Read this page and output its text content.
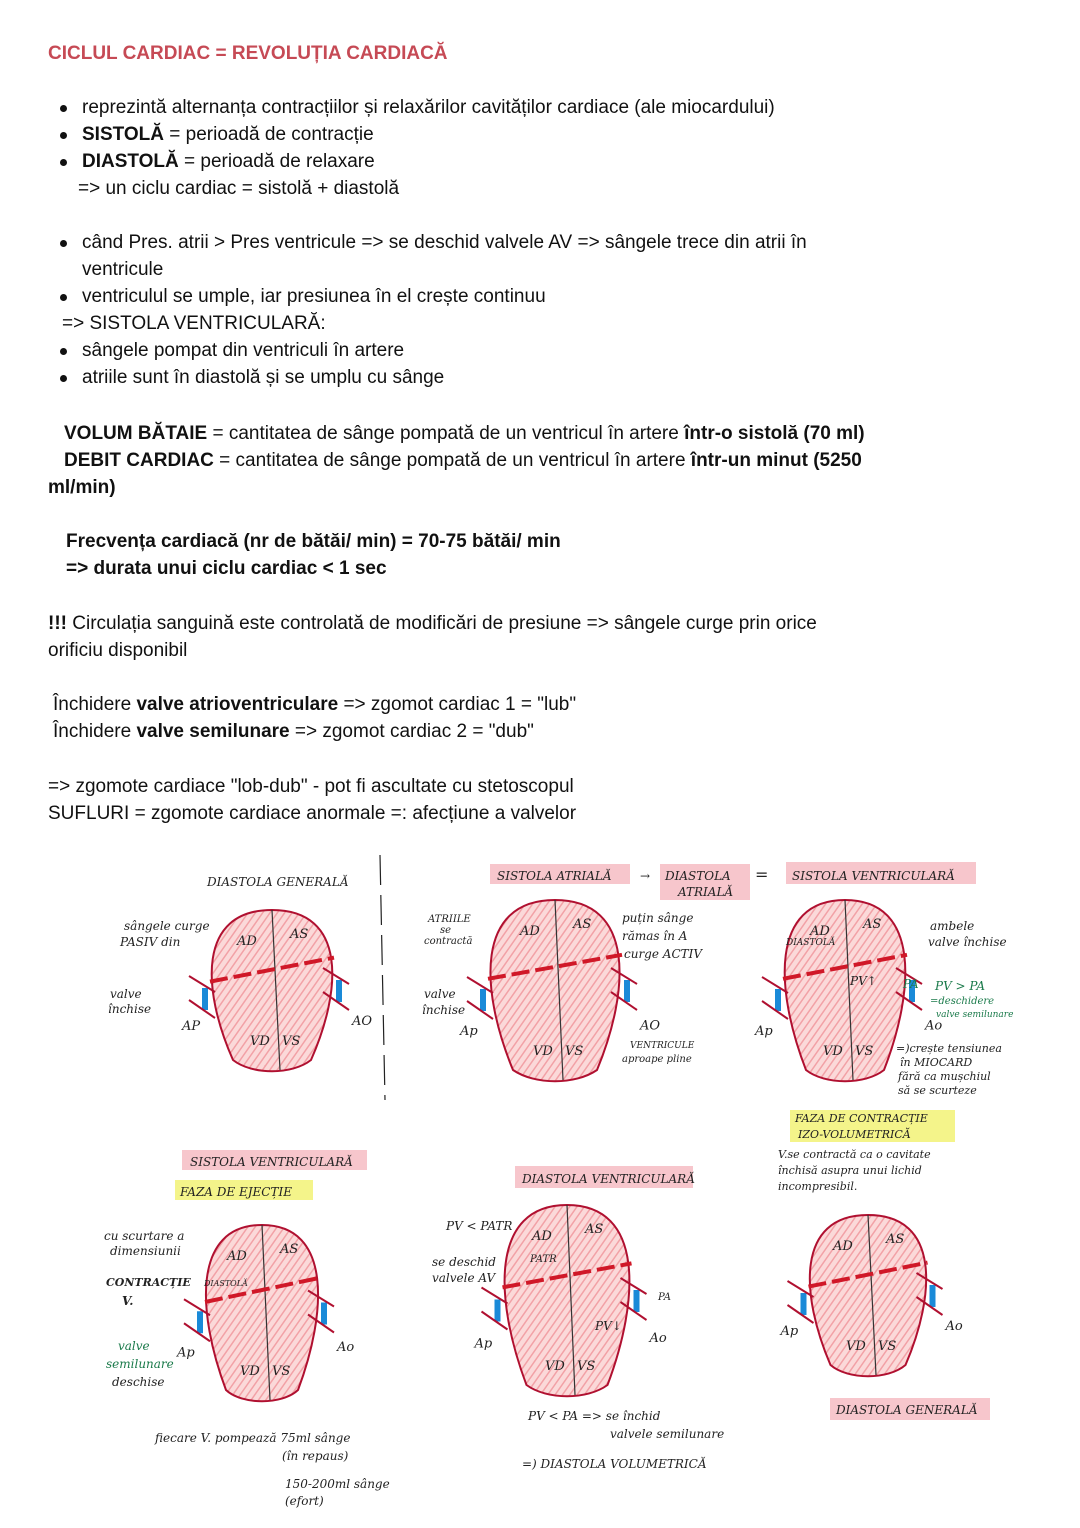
CICLUL CARDIAC = REVOLUȚIA CARDIACĂ
reprezintă alternanța contracțiilor și relaxărilor cavităților cardiace (ale miocardului)
SISTOLĂ = perioadă de contracție
DIASTOLĂ = perioadă de relaxare
=> un ciclu cardiac = sistolă + diastolă
când Pres. atrii > Pres ventricule => se deschid valvele AV => sângele trece din atrii în
ventricule
ventriculul se umple, iar presiunea în el crește continuu
=> SISTOLA VENTRICULARĂ:
sângele pompat din ventriculi în artere
atriile sunt în diastolă și se umplu cu sânge
VOLUM BĂTAIE = cantitatea de sânge pompată de un ventricul în artere într-o sistolă (70 ml)
DEBIT CARDIAC = cantitatea de sânge pompată de un ventricul în artere într-un minut (5250
ml/min)
Frecvența cardiacă (nr de bătăi/ min) = 70-75 bătăi/ min
=> durata unui ciclu cardiac < 1 sec
!!! Circulația sanguină este controlată de modificări de presiune => sângele curge prin orice
orificiu disponibil
Închidere valve atrioventriculare => zgomot cardiac 1 = "lub"
Închidere valve semilunare => zgomot cardiac 2 = "dub"
=> zgomote cardiace "lob-dub" - pot fi ascultate cu stetoscopul
SUFLURI = zgomote cardiace anormale =: afecțiune a valvelor
DIASTOLA GENERALĂ	SISTOLA ATRIALĂ → DIASTOLA
ATRIALĂ
= SISTOLA VENTRICULARĂ
AD	AS
VD VS
AP	AO
AD	AS
VD VS
Ap	AO
AD	AS
VD VS
Ap	Ao
AD	AS
VD VS
Ap	Ao
AD	AS
VD VS
Ap	Ao
AD	AS
VD VS
Ap	Ao
sângele curge
PASIV din
valve
închise
ATRIILE
se
contractă
puțin sânge
rămas în A
curge ACTIV
valve
închise
VENTRICULE
aproape pline
DIASTOLĂ
ambele
valve închise
PV↑ PA PV > PA
=deschidere
valve semilunare
=)crește tensiunea
în MIOCARD
fără ca mușchiul
să se scurteze
FAZA DE CONTRACȚIE
IZO-VOLUMETRICĂ
V.se contractă ca o cavitate
închisă asupra unui lichid
incompresibil.
SISTOLA VENTRICULARĂ
FAZA DE EJECȚIE
cu scurtare a
dimensiunii
CONTRACȚIE
V.
valve
semilunare
deschise
DIASTOLĂ
fiecare V. pompează 75ml sânge
(în repaus)
150-200ml sânge
(efort)
DIASTOLA VENTRICULARĂ
PV < PATR
se deschid
valvele AV
PATR
PV↓
PA
PV < PA => se închid
valvele semilunare
=) DIASTOLA VOLUMETRICĂ
DIASTOLA GENERALĂ
